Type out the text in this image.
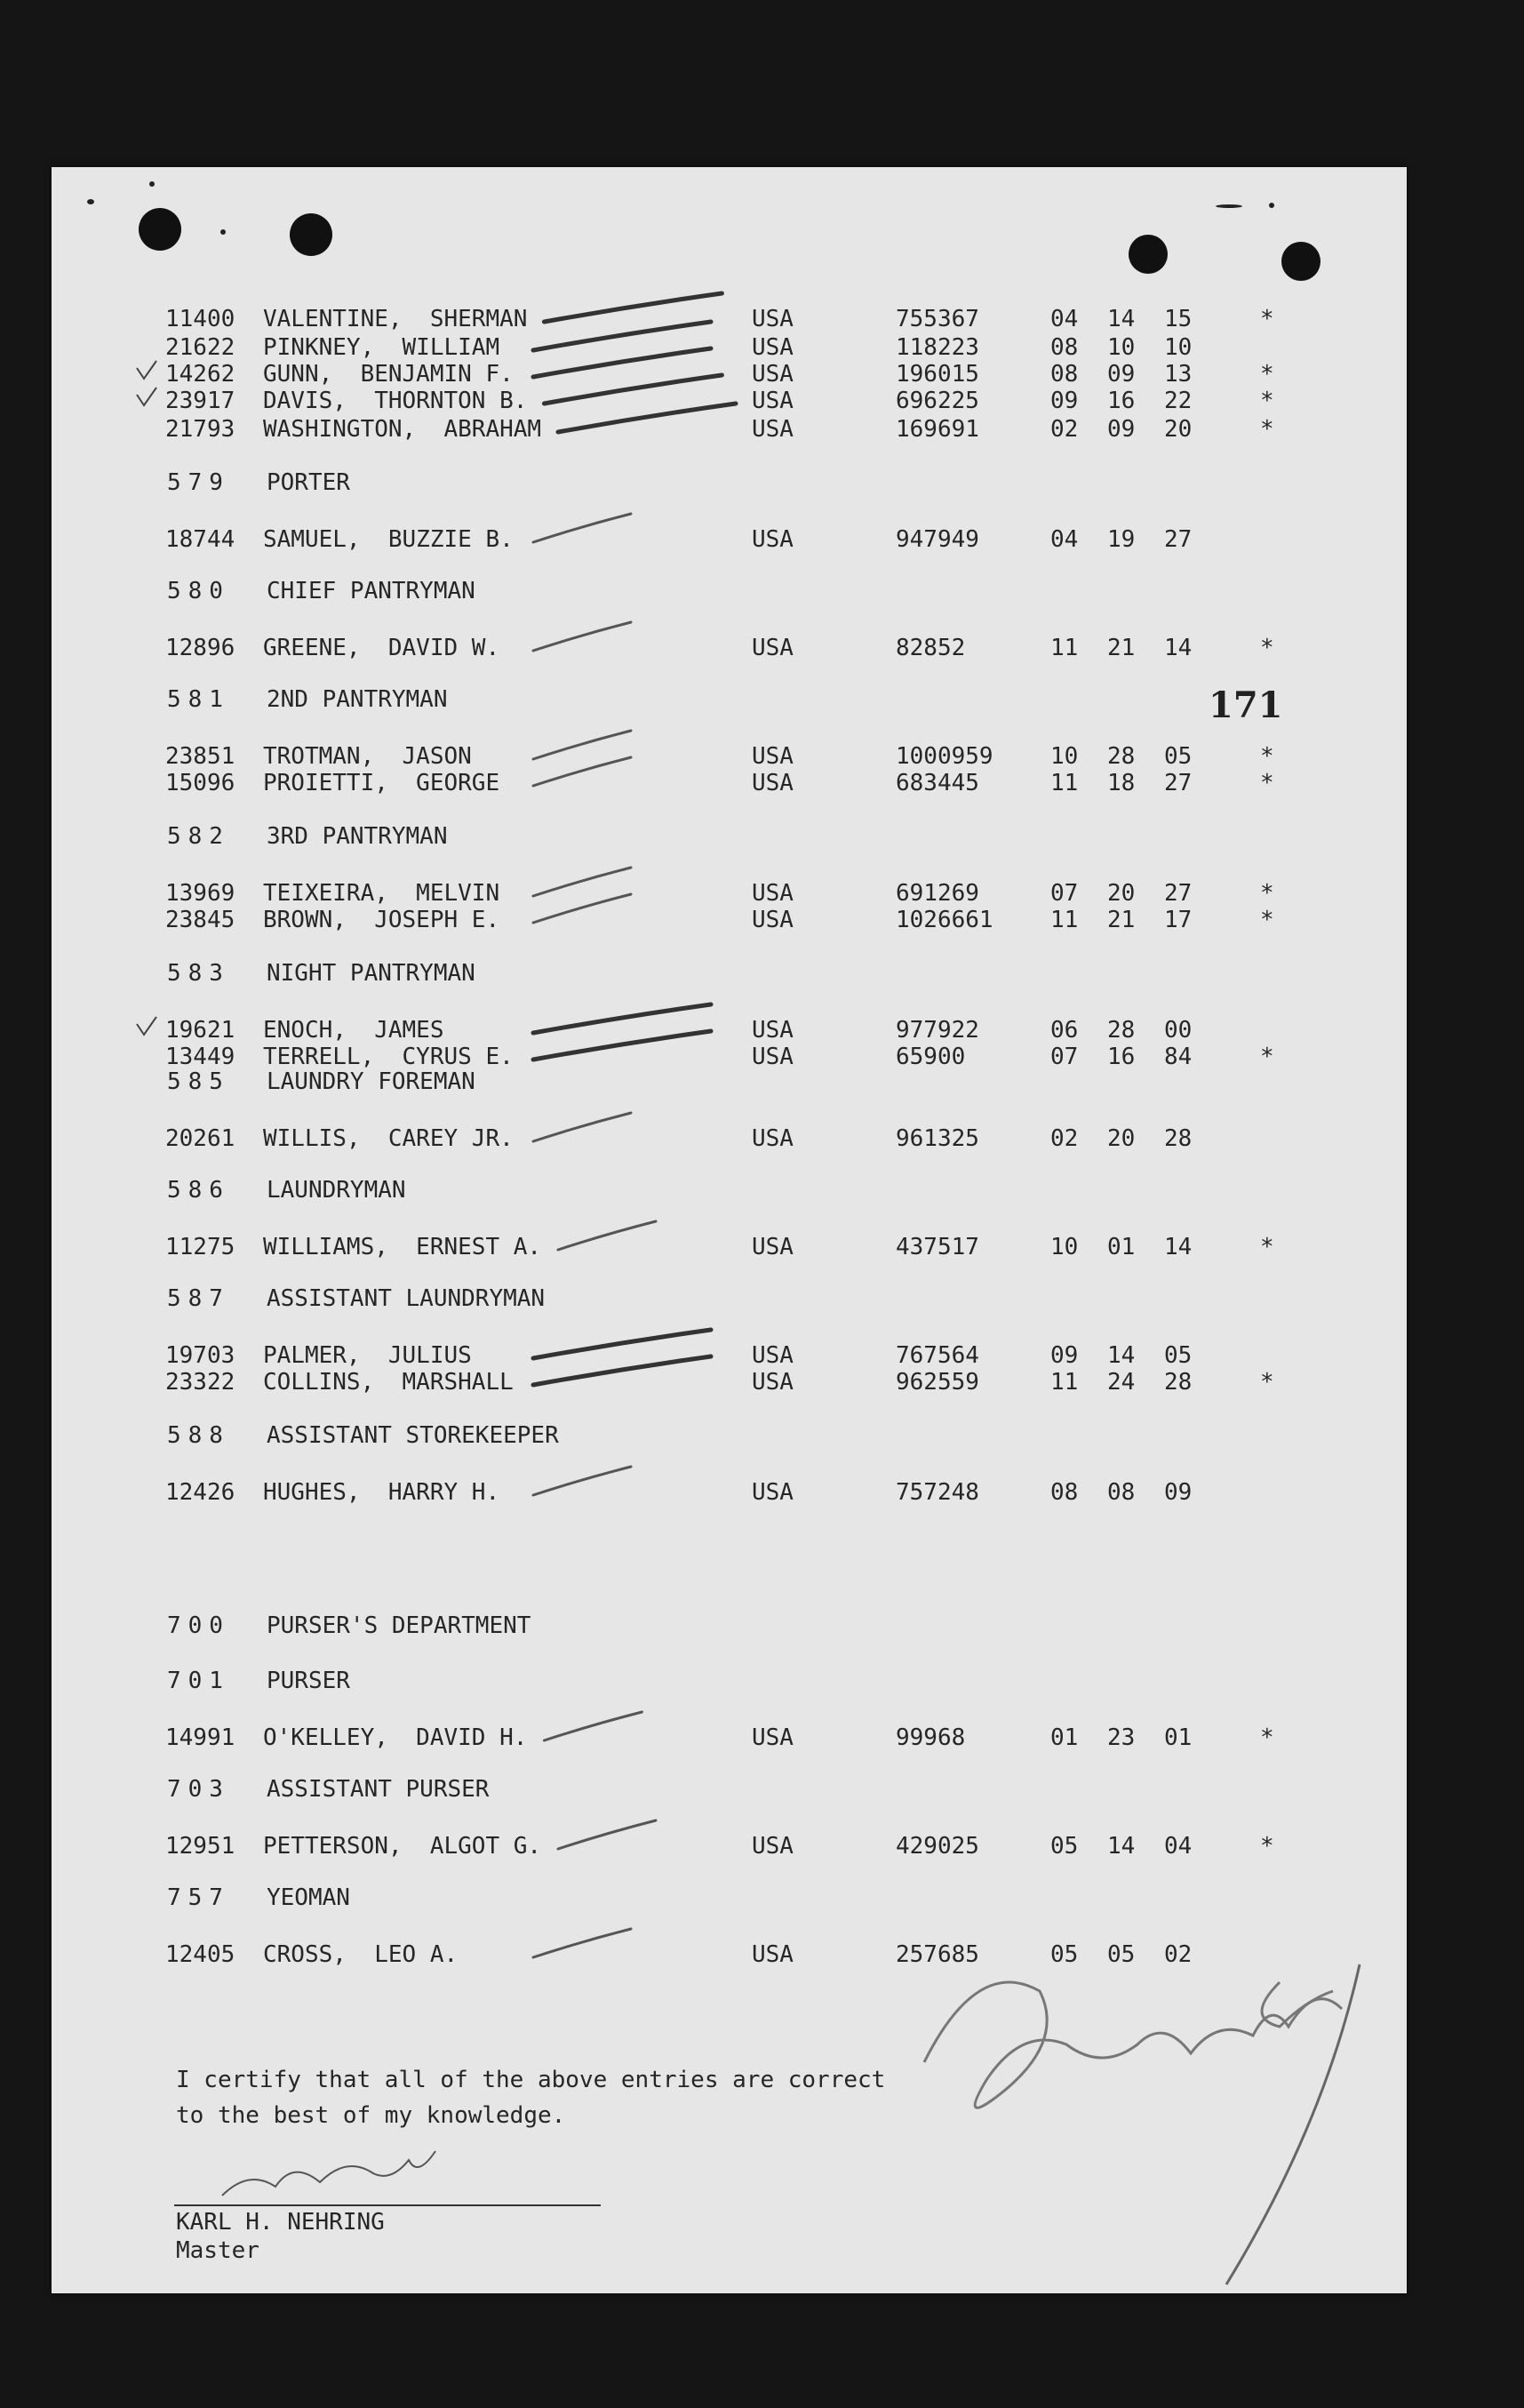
171
11400 VALENTINE,  SHERMAN	USA	755367	04 14 15	*
21622 PINKNEY,  WILLIAM	USA	118223	08 10 10
14262 GUNN,  BENJAMIN F.	USA	196015	08 09 13	*
23917 DAVIS,  THORNTON B.	USA	696225	09 16 22	*
21793 WASHINGTON,  ABRAHAM	USA	169691	02 09 20	*
579 PORTER
18744 SAMUEL,  BUZZIE B.	USA	947949	04 19 27
580 CHIEF PANTRYMAN
12896 GREENE,  DAVID W.	USA	82852	11 21 14	*
581 2ND PANTRYMAN
23851 TROTMAN,  JASON	USA	1000959 10 28 05	*
15096 PROIETTI,  GEORGE	USA	683445	11 18 27	*
582 3RD PANTRYMAN
13969 TEIXEIRA,  MELVIN	USA	691269	07 20 27	*
23845 BROWN,  JOSEPH E.	USA	1026661 11 21 17	*
583 NIGHT PANTRYMAN
19621 ENOCH,  JAMES	USA	977922	06 28 00
13449 TERRELL,  CYRUS E.	USA	65900	07 16 84	*
585 LAUNDRY FOREMAN
20261 WILLIS,  CAREY JR.	USA	961325	02 20 28
586 LAUNDRYMAN
11275 WILLIAMS,  ERNEST A.	USA	437517	10 01 14	*
587 ASSISTANT LAUNDRYMAN
19703 PALMER,  JULIUS	USA	767564	09 14 05
23322 COLLINS,  MARSHALL	USA	962559	11 24 28	*
588 ASSISTANT STOREKEEPER
12426 HUGHES,  HARRY H.	USA	757248	08 08 09
700 PURSER'S DEPARTMENT
701 PURSER
14991 O'KELLEY,  DAVID H.	USA	99968	01 23 01	*
703 ASSISTANT PURSER
12951 PETTERSON,  ALGOT G.	USA	429025	05 14 04	*
757 YEOMAN
12405 CROSS,  LEO A.	USA	257685	05 05 02
I certify that all of the above entries are correct
to the best of my knowledge.
KARL H. NEHRING
Master
